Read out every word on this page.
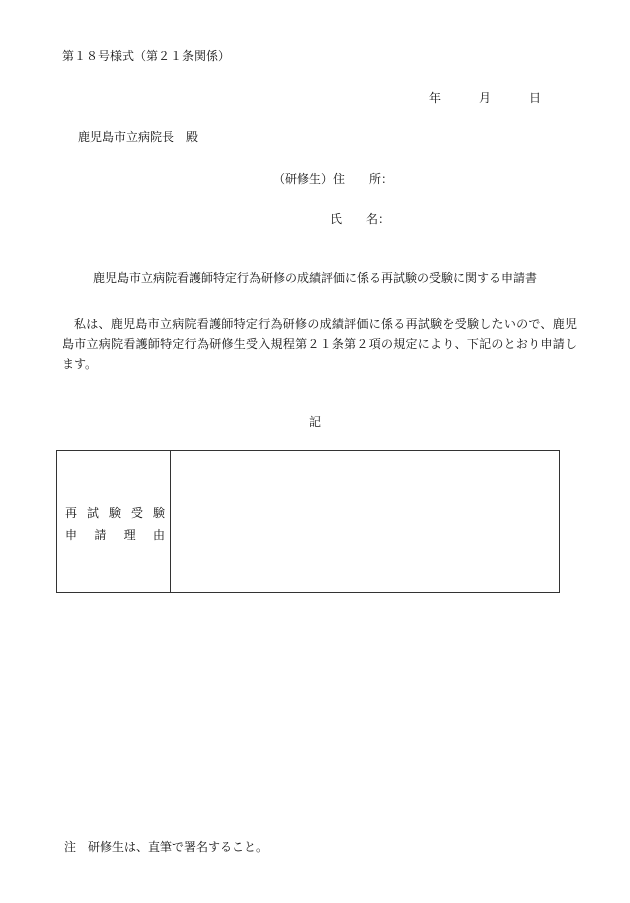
第１８号様式（第２１条関係）
年	月	日
鹿児島市立病院長　殿
（研修生）住　　所：
氏　　名：
鹿児島市立病院看護師特定行為研修の成績評価に係る再試験の受験に関する申請書
私は、鹿児島市立病院看護師特定行為研修の成績評価に係る再試験を受験したいので、鹿児島市立病院看護師特定行為研修生受入規程第２１条第２項の規定により、下記のとおり申請します。
記
再試験受験
申請理由
注　研修生は、直筆で署名すること。
